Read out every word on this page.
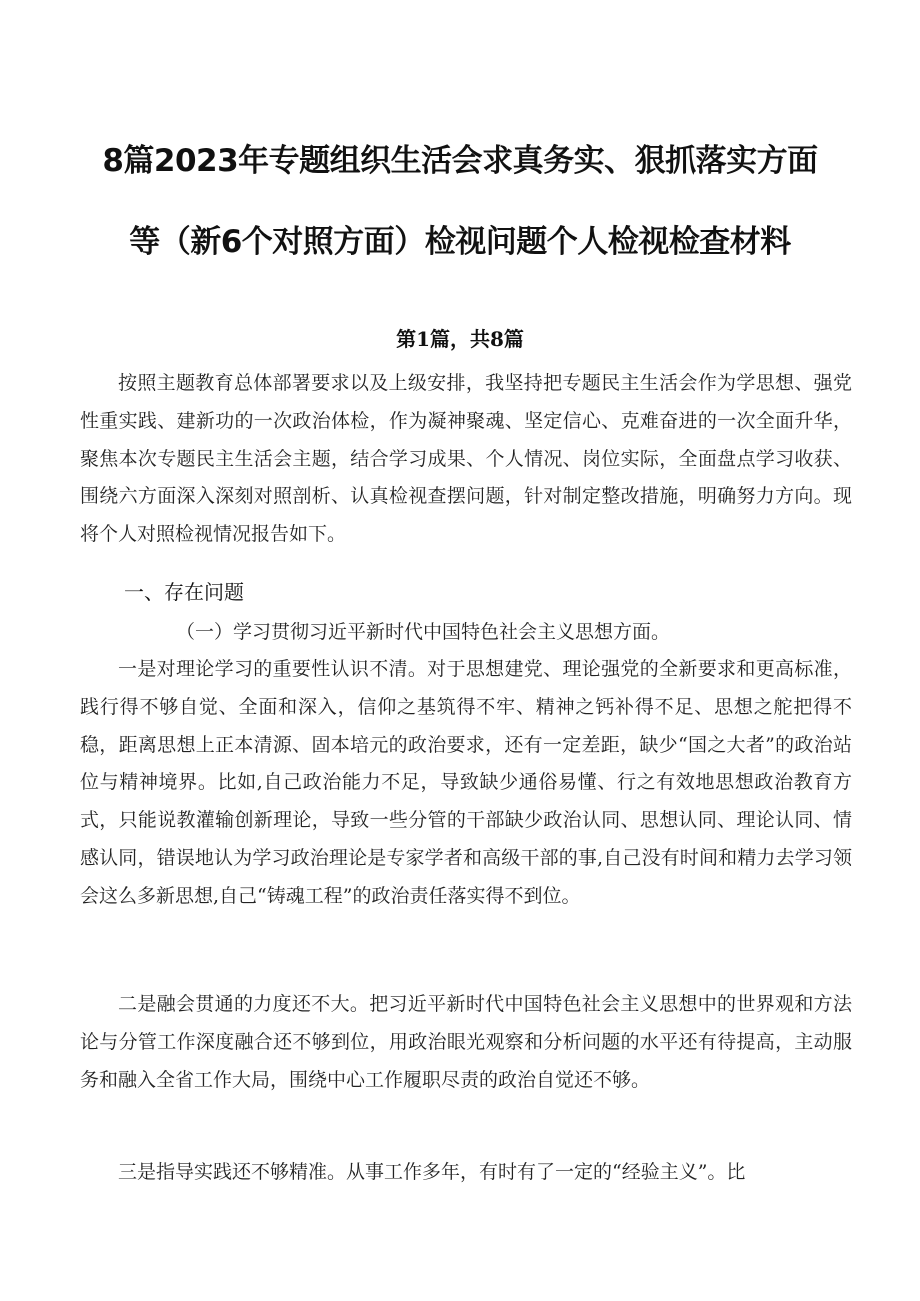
8篇2023年专题组织生活会求真务实、狠抓落实方面
等（新6个对照方面）检视问题个人检视检查材料
第1篇，共8篇

按照主题教育总体部署要求以及上级安排，我坚持把专题民主生活会作为学思想、强党性重实践、建新功的一次政治体检，作为凝神聚魂、坚定信心、克难奋进的一次全面升华，聚焦本次专题民主生活会主题，结合学习成果、个人情况、岗位实际，全面盘点学习收获、围绕六方面深入深刻对照剖析、认真检视查摆问题，针对制定整改措施，明确努力方向。现将个人对照检视情况报告如下。

一、存在问题
（一）学习贯彻习近平新时代中国特色社会主义思想方面。

一是对理论学习的重要性认识不清。对于思想建党、理论强党的全新要求和更高标准，践行得不够自觉、全面和深入，信仰之基筑得不牢、精神之钙补得不足、思想之舵把得不稳，距离思想上正本清源、固本培元的政治要求，还有一定差距，缺少“国之大者”的政治站位与精神境界。比如,自己政治能力不足，导致缺少通俗易懂、行之有效地思想政治教育方式，只能说教灌输创新理论，导致一些分管的干部缺少政治认同、思想认同、理论认同、情感认同，错误地认为学习政治理论是专家学者和高级干部的事,自己没有时间和精力去学习领会这么多新思想,自己“铸魂工程”的政治责任落实得不到位。

二是融会贯通的力度还不大。把习近平新时代中国特色社会主义思想中的世界观和方法论与分管工作深度融合还不够到位，用政治眼光观察和分析问题的水平还有待提高，主动服务和融入全省工作大局，围绕中心工作履职尽责的政治自觉还不够。

三是指导实践还不够精准。从事工作多年，有时有了一定的“经验主义”。比
